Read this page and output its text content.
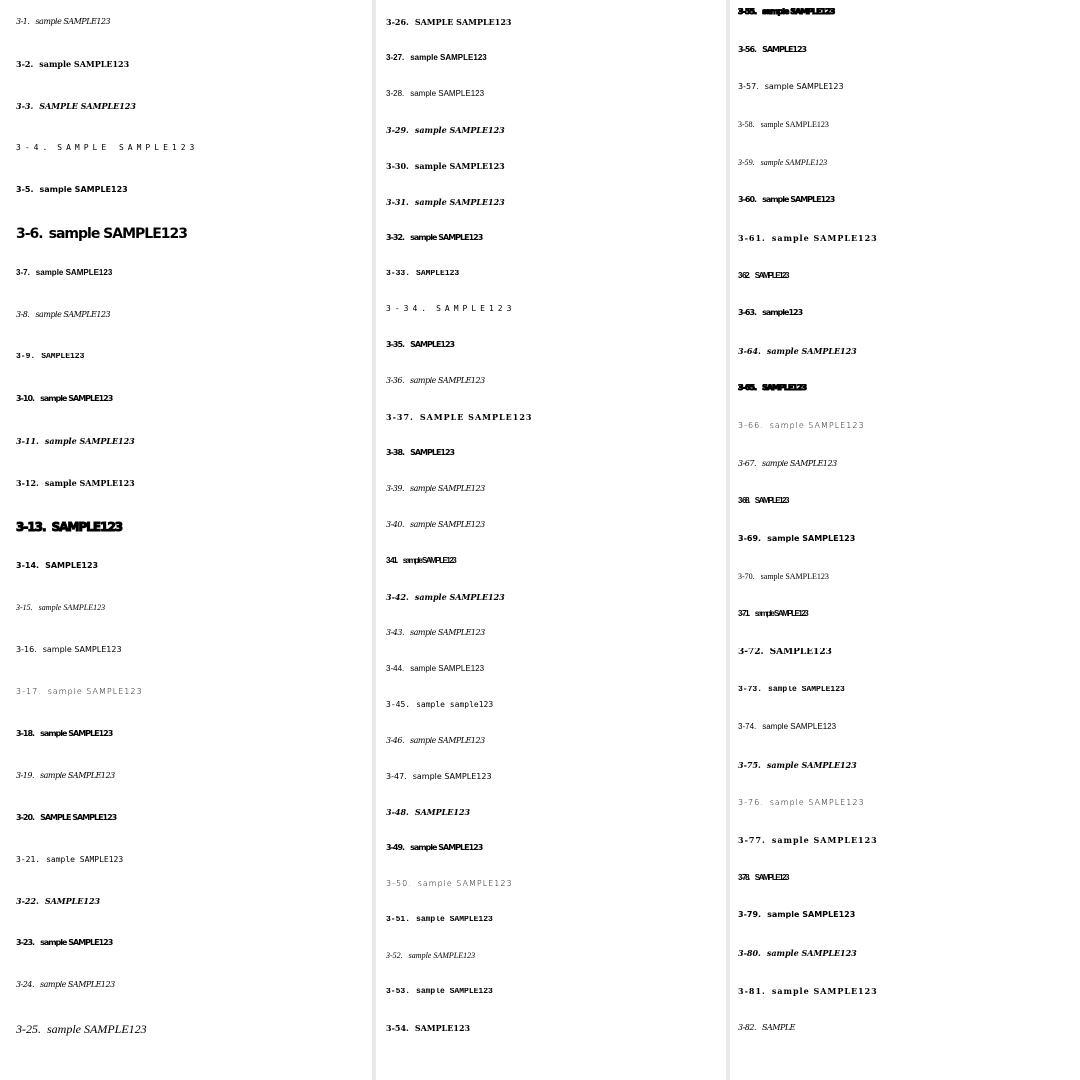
3-1. sample SAMPLE123
3-2. sample SAMPLE123
3-3. SAMPLE SAMPLE123
3-4. SAMPLE SAMPLE123
3-5. sample SAMPLE123
3-6. sample SAMPLE123
3-7. sample SAMPLE123
3-8. sample SAMPLE123
3-9. SAMPLE123
3-10. sample SAMPLE123
3-11. sample SAMPLE123
3-12. sample SAMPLE123
3-13. SAMPLE123
3-14. SAMPLE123
3-15. sample SAMPLE123
3-16. sample SAMPLE123
3-17. sample SAMPLE123
3-18. sample SAMPLE123
3-19. sample SAMPLE123
3-20. SAMPLE SAMPLE123
3-21. sample SAMPLE123
3-22. SAMPLE123
3-23. sample SAMPLE123
3-24. sample SAMPLE123
3-25. sample SAMPLE123
3-26. SAMPLE SAMPLE123
3-27. sample SAMPLE123
3-28. sample SAMPLE123
3-29. sample SAMPLE123
3-30. sample SAMPLE123
3-31. sample SAMPLE123
3-32. sample SAMPLE123
3-33. SAMPLE123
3-34. SAMPLE123
3-35. SAMPLE123
3-36. sample SAMPLE123
3-37. SAMPLE SAMPLE123
3-38. SAMPLE123
3-39. sample SAMPLE123
3-40. sample SAMPLE123
3-41. sample SAMPLE123
3-42. sample SAMPLE123
3-43. sample SAMPLE123
3-44. sample SAMPLE123
3-45. sample sample123
3-46. sample SAMPLE123
3-47. sample SAMPLE123
3-48. SAMPLE123
3-49. sample SAMPLE123
3-50. sample SAMPLE123
3-51. sample SAMPLE123
3-52. sample SAMPLE123
3-53. sample SAMPLE123
3-54. SAMPLE123
3-55. sample SAMPLE123
3-56. SAMPLE123
3-57. sample SAMPLE123
3-58. sample SAMPLE123
3-59. sample SAMPLE123
3-60. sample SAMPLE123
3-61. sample SAMPLE123
3-62. SAMPLE123
3-63. sample123
3-64. sample SAMPLE123
3-65. SAMPLE123
3-66. sample SAMPLE123
3-67. sample SAMPLE123
3-68. SAMPLE123
3-69. sample SAMPLE123
3-70. sample SAMPLE123
3-71. sample SAMPLE123
3-72. SAMPLE123
3-73. sample SAMPLE123
3-74. sample SAMPLE123
3-75. sample SAMPLE123
3-76. sample SAMPLE123
3-77. sample SAMPLE123
3-78. SAMPLE123
3-79. sample SAMPLE123
3-80. sample SAMPLE123
3-81. sample SAMPLE123
3-82. SAMPLE
